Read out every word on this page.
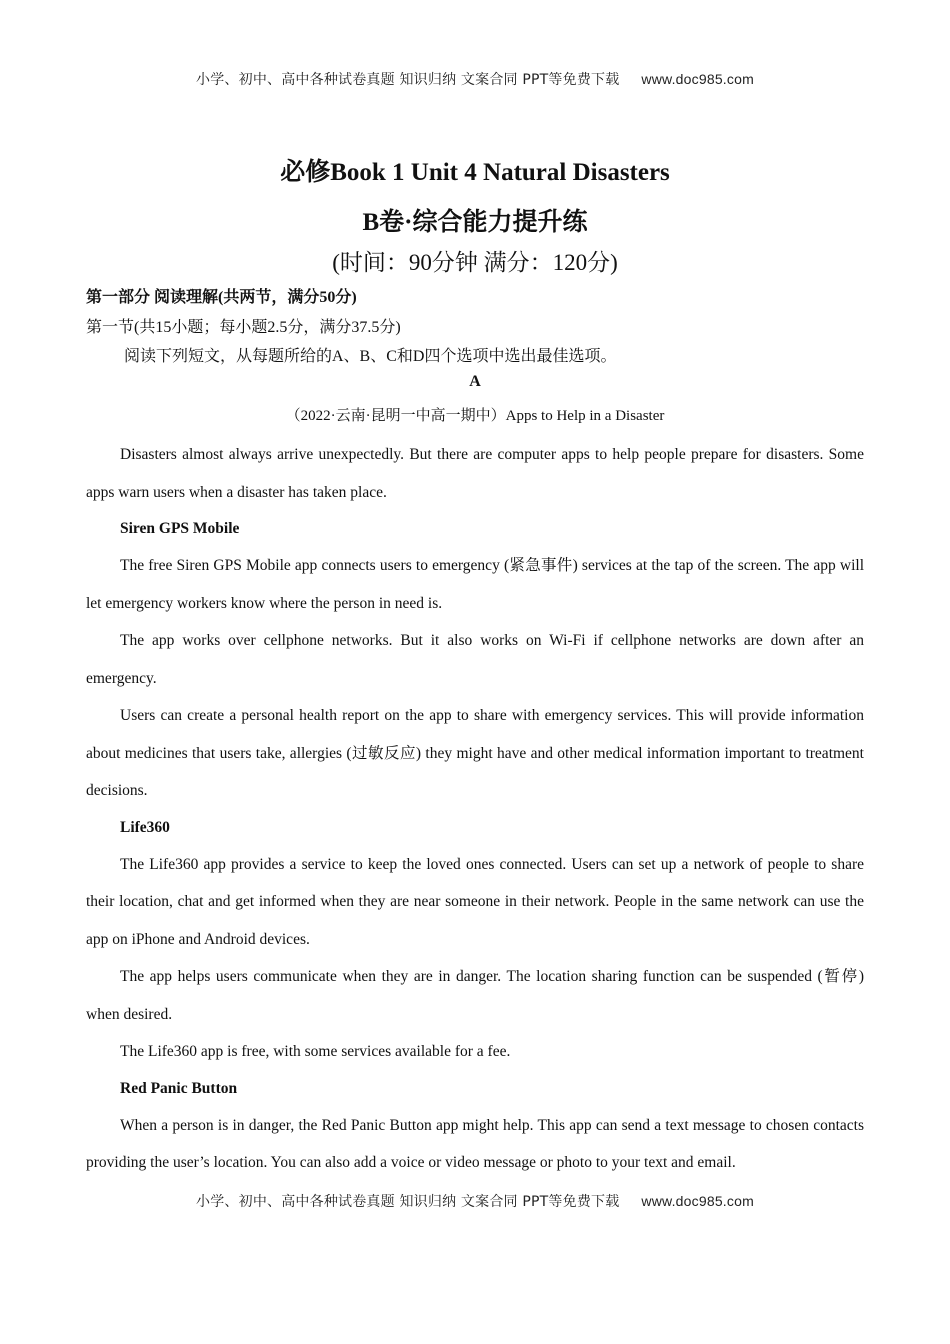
小学、初中、高中各种试卷真题 知识归纳 文案合同 PPT等免费下载 www.doc985.com
必修Book 1 Unit 4 Natural Disasters
B卷·综合能力提升练
(时间：90分钟 满分：120分)
第一部分 阅读理解(共两节，满分50分)
第一节(共15小题；每小题2.5分，满分37.5分)
阅读下列短文，从每题所给的A、B、C和D四个选项中选出最佳选项。
A
（2022·云南·昆明一中高一期中）Apps to Help in a Disaster

Disasters almost always arrive unexpectedly. But there are computer apps to help people prepare for disasters. Some apps warn users when a disaster has taken place.

Siren GPS Mobile

The free Siren GPS Mobile app connects users to emergency (紧急事件) services at the tap of the screen. The app will let emergency workers know where the person in need is.

The app works over cellphone networks. But it also works on Wi-Fi if cellphone networks are down after an emergency.

Users can create a personal health report on the app to share with emergency services. This will provide information about medicines that users take, allergies (过敏反应) they might have and other medical information important to treatment decisions.

Life360

The Life360 app provides a service to keep the loved ones connected. Users can set up a network of people to share their location, chat and get informed when they are near someone in their network. People in the same network can use the app on iPhone and Android devices.

The app helps users communicate when they are in danger. The location sharing function can be suspended (暂停) when desired.

The Life360 app is free, with some services available for a fee.

Red Panic Button

When a person is in danger, the Red Panic Button app might help. This app can send a text message to chosen contacts providing the user’s location. You can also add a voice or video message or photo to your text and email.

小学、初中、高中各种试卷真题 知识归纳 文案合同 PPT等免费下载 www.doc985.com
